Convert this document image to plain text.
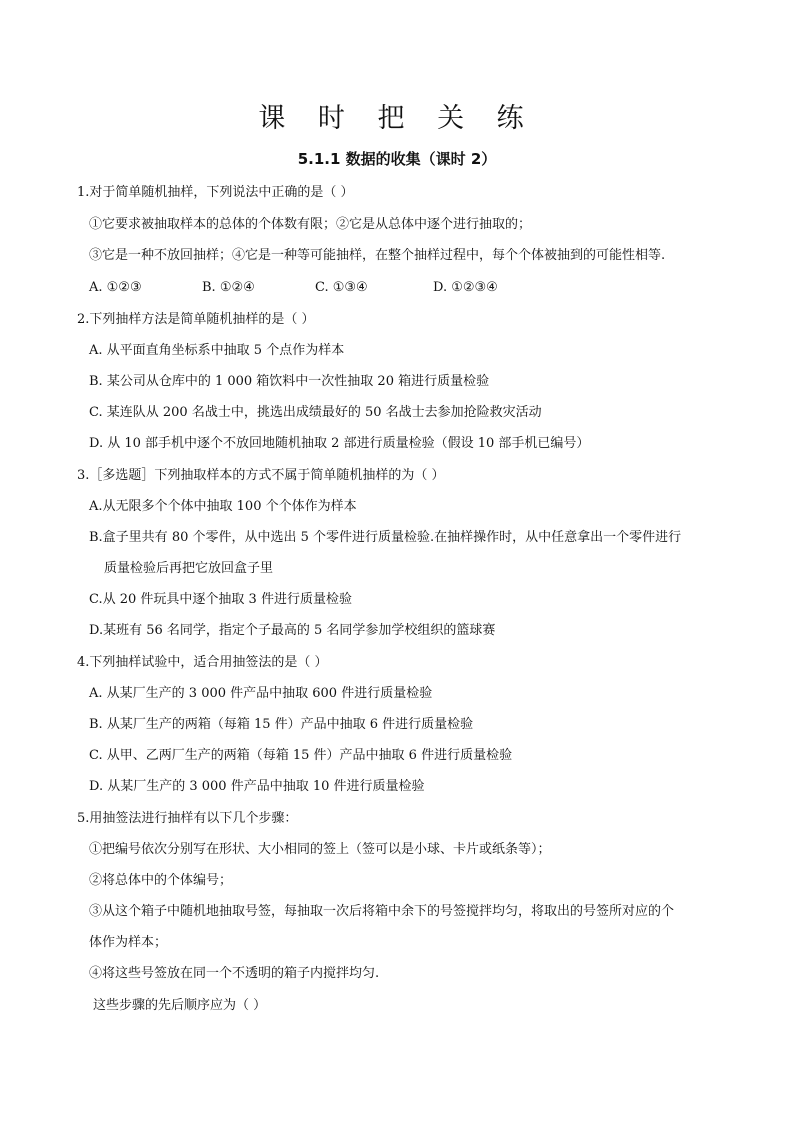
课 时 把 关 练
5.1.1 数据的收集（课时 2）
1.对于简单随机抽样，下列说法中正确的是（ ）
①它要求被抽取样本的总体的个体数有限；②它是从总体中逐个进行抽取的；
③它是一种不放回抽样；④它是一种等可能抽样，在整个抽样过程中，每个个体被抽到的可能性相等.
A. ①②③	B. ①②④	C. ①③④	D. ①②③④
2.下列抽样方法是简单随机抽样的是（ ）
A. 从平面直角坐标系中抽取 5 个点作为样本
B. 某公司从仓库中的 1 000 箱饮料中一次性抽取 20 箱进行质量检验
C. 某连队从 200 名战士中，挑选出成绩最好的 50 名战士去参加抢险救灾活动
D. 从 10 部手机中逐个不放回地随机抽取 2 部进行质量检验（假设 10 部手机已编号）
3.［多选题］下列抽取样本的方式不属于简单随机抽样的为（ ）
A.从无限多个个体中抽取 100 个个体作为样本
B.盒子里共有 80 个零件，从中选出 5 个零件进行质量检验.在抽样操作时，从中任意拿出一个零件进行
质量检验后再把它放回盒子里
C.从 20 件玩具中逐个抽取 3 件进行质量检验
D.某班有 56 名同学，指定个子最高的 5 名同学参加学校组织的篮球赛
4.下列抽样试验中，适合用抽签法的是（ ）
A. 从某厂生产的 3 000 件产品中抽取 600 件进行质量检验
B. 从某厂生产的两箱（每箱 15 件）产品中抽取 6 件进行质量检验
C. 从甲、乙两厂生产的两箱（每箱 15 件）产品中抽取 6 件进行质量检验
D. 从某厂生产的 3 000 件产品中抽取 10 件进行质量检验
5.用抽签法进行抽样有以下几个步骤：
①把编号依次分别写在形状、大小相同的签上（签可以是小球、卡片或纸条等）；
②将总体中的个体编号；
③从这个箱子中随机地抽取号签，每抽取一次后将箱中余下的号签搅拌均匀，将取出的号签所对应的个
体作为样本；
④将这些号签放在同一个不透明的箱子内搅拌均匀.
这些步骤的先后顺序应为（ ）
